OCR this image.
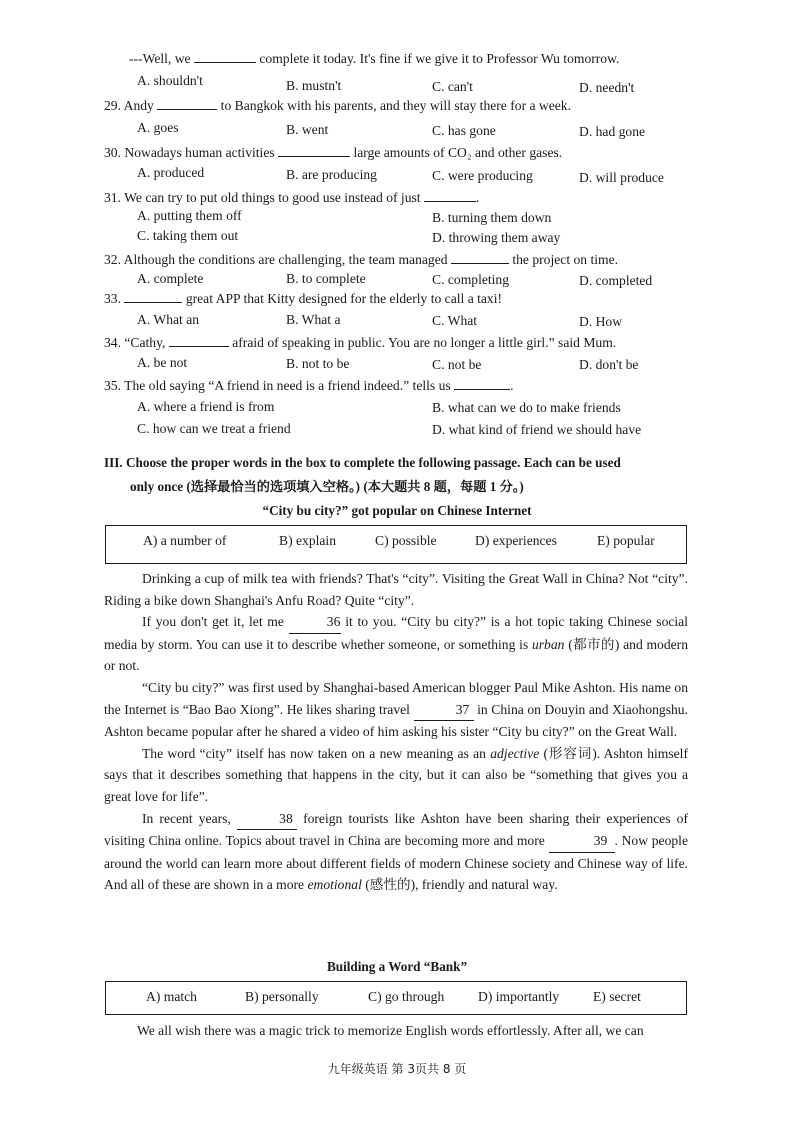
---Well, we	complete it today. It's fine if we give it to Professor Wu tomorrow.
A. shouldn't	B. mustn't	C. can't	D. needn't
29. Andy	to Bangkok with his parents, and they will stay there for a week.
A. goes	B. went	C. has gone	D. had gone
30. Nowadays human activities	large amounts of CO₂ and other gases.
A. produced	B. are producing	C. were producing	D. will produce
31. We can try to put old things to good use instead of just	.
A. putting them off	B. turning them down
C. taking them out	D. throwing them away
32. Although the conditions are challenging, the team managed	the project on time.
A. complete	B. to complete	C. completing	D. completed
33.	great APP that Kitty designed for the elderly to call a taxi!
A. What an	B. What a	C. What	D. How
34. “Cathy,	afraid of speaking in public. You are no longer a little girl.” said Mum.
A. be not	B. not to be	C. not be	D. don't be
35. The old saying “A friend in need is a friend indeed.” tells us	.
A. where a friend is from	B. what can we do to make friends
C. how can we treat a friend	D. what kind of friend we should have
III. Choose the proper words in the box to complete the following passage. Each can be used
only once (选择最恰当的选项填入空格。) (本大题共 8 题，每题 1 分。)
“City bu city?” got popular on Chinese Internet
A) a number of	B) explain	C) possible	D) experiences	E) popular

Drinking a cup of milk tea with friends? That's “city”. Visiting the Great Wall in China? Not “city”. Riding a bike down Shanghai's Anfu Road? Quite “city”.

If you don't get it, let me	36 it to you. “City bu city?” is a hot topic taking Chinese social media by storm. You can use it to describe whether someone, or something is urban (都市的) and modern or not.

“City bu city?” was first used by Shanghai-based American blogger Paul Mike Ashton. His name on the Internet is “Bao Bao Xiong”. He likes sharing travel	37 in China on Douyin and Xiaohongshu. Ashton became popular after he shared a video of him asking his sister “City bu city?” on the Great Wall.

The word “city” itself has now taken on a new meaning as an adjective (形容词). Ashton himself says that it describes something that happens in the city, but it can also be “something that gives you a great love for life”.

In recent years,	38 foreign tourists like Ashton have been sharing their experiences of visiting China online. Topics about travel in China are becoming more and more	39 . Now people around the world can learn more about different fields of modern Chinese society and Chinese way of life. And all of these are shown in a more emotional (感性的), friendly and natural way.

Building a Word “Bank”
A) match	B) personally	C) go through D) importantly E) secret
We all wish there was a magic trick to memorize English words effortlessly. After all, we can
九年级英语 第 3页共 8 页
